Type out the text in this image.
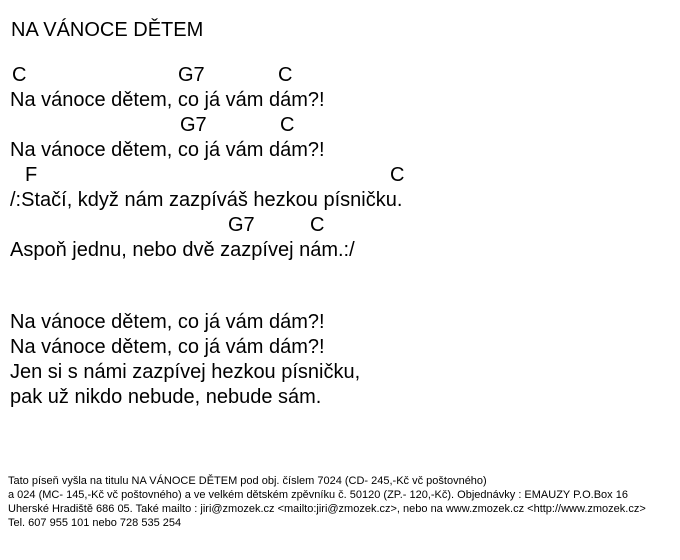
NA VÁNOCE DĚTEM
C	G7	C
Na vánoce dětem, co já vám dám?!
G7	C
Na vánoce dětem, co já vám dám?!
F	C
/:Stačí, když nám zazpíváš hezkou písničku.
G7	C
Aspoň jednu, nebo dvě zazpívej nám.:/
Na vánoce dětem, co já vám dám?!
Na vánoce dětem, co já vám dám?!
Jen si s námi zazpívej hezkou písničku,
pak už nikdo nebude, nebude sám.
Tato píseň vyšla na titulu NA VÁNOCE DĚTEM pod obj. číslem 7024 (CD- 245,-Kč vč poštovného)
a 024 (MC- 145,-Kč vč poštovného) a ve velkém dětském zpěvníku č. 50120 (ZP.- 120,-Kč). Objednávky : EMAUZY P.O.Box 16
Uherské Hradiště 686 05. Také mailto : jiri@zmozek.cz <mailto:jiri@zmozek.cz>, nebo na www.zmozek.cz <http://www.zmozek.cz>
Tel. 607 955 101 nebo 728 535 254
